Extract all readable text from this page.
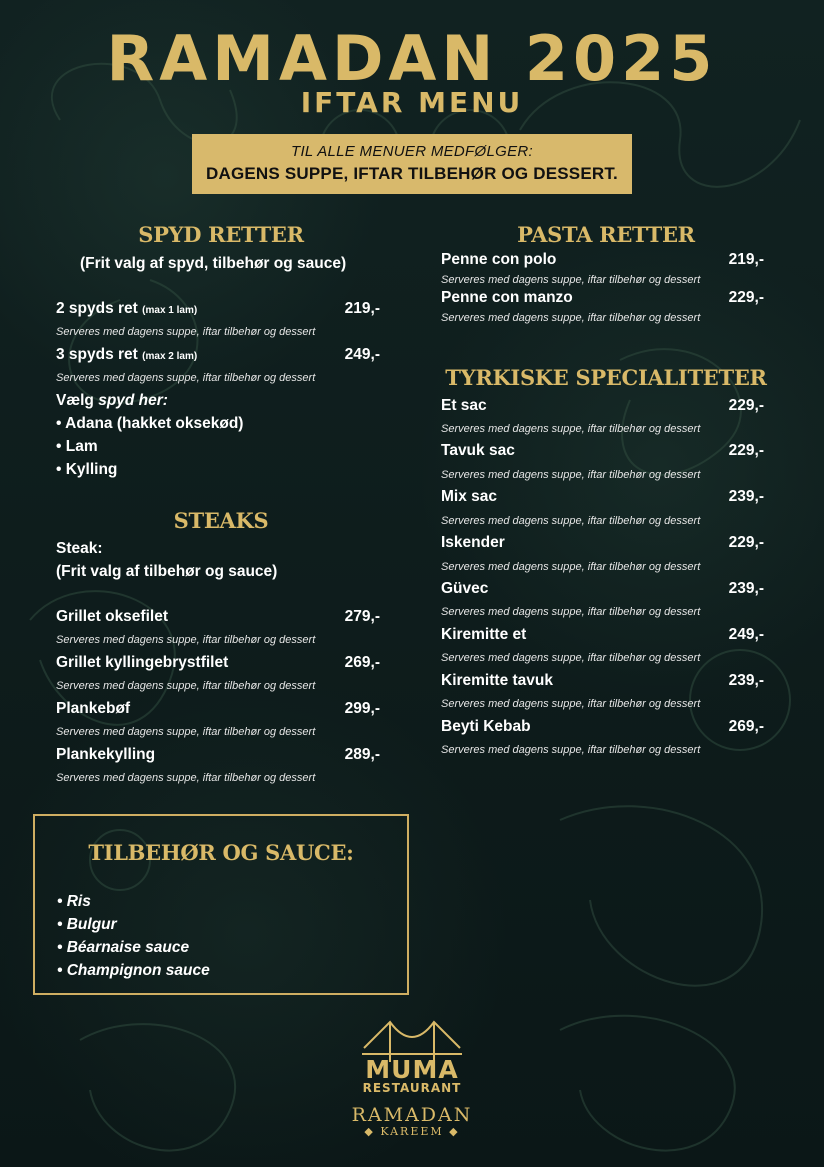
RAMADAN 2025
IFTAR MENU
TIL ALLE MENUER MEDFØLGER:
DAGENS SUPPE, IFTAR TILBEHØR OG DESSERT.
SPYD RETTER
(Frit valg af spyd, tilbehør og sauce)
2 spyds ret (max 1 lam)	219,-
Serveres med dagens suppe, iftar tilbehør og dessert
3 spyds ret (max 2 lam)	249,-
Serveres med dagens suppe, iftar tilbehør og dessert
Vælg spyd her:
• Adana (hakket oksekød)
• Lam
• Kylling
STEAKS
Steak:
(Frit valg af tilbehør og sauce)
Grillet oksefilet	279,-
Serveres med dagens suppe, iftar tilbehør og dessert
Grillet kyllingebrystfilet	269,-
Serveres med dagens suppe, iftar tilbehør og dessert
Plankebøf	299,-
Serveres med dagens suppe, iftar tilbehør og dessert
Plankekylling	289,-
Serveres med dagens suppe, iftar tilbehør og dessert
PASTA RETTER
Penne con polo	219,-
Serveres med dagens suppe, iftar tilbehør og dessert
Penne con manzo	229,-
Serveres med dagens suppe, iftar tilbehør og dessert
TYRKISKE SPECIALITETER
Et sac	229,-
Serveres med dagens suppe, iftar tilbehør og dessert
Tavuk sac	229,-
Serveres med dagens suppe, iftar tilbehør og dessert
Mix sac	239,-
Serveres med dagens suppe, iftar tilbehør og dessert
Iskender	229,-
Serveres med dagens suppe, iftar tilbehør og dessert
Güvec	239,-
Serveres med dagens suppe, iftar tilbehør og dessert
Kiremitte et	249,-
Serveres med dagens suppe, iftar tilbehør og dessert
Kiremitte tavuk	239,-
Serveres med dagens suppe, iftar tilbehør og dessert
Beyti Kebab	269,-
Serveres med dagens suppe, iftar tilbehør og dessert
TILBEHØR OG SAUCE:
• Ris
• Bulgur
• Béarnaise sauce
• Champignon sauce
MUMA
RESTAURANT
RAMADAN
◆ KAREEM ◆
